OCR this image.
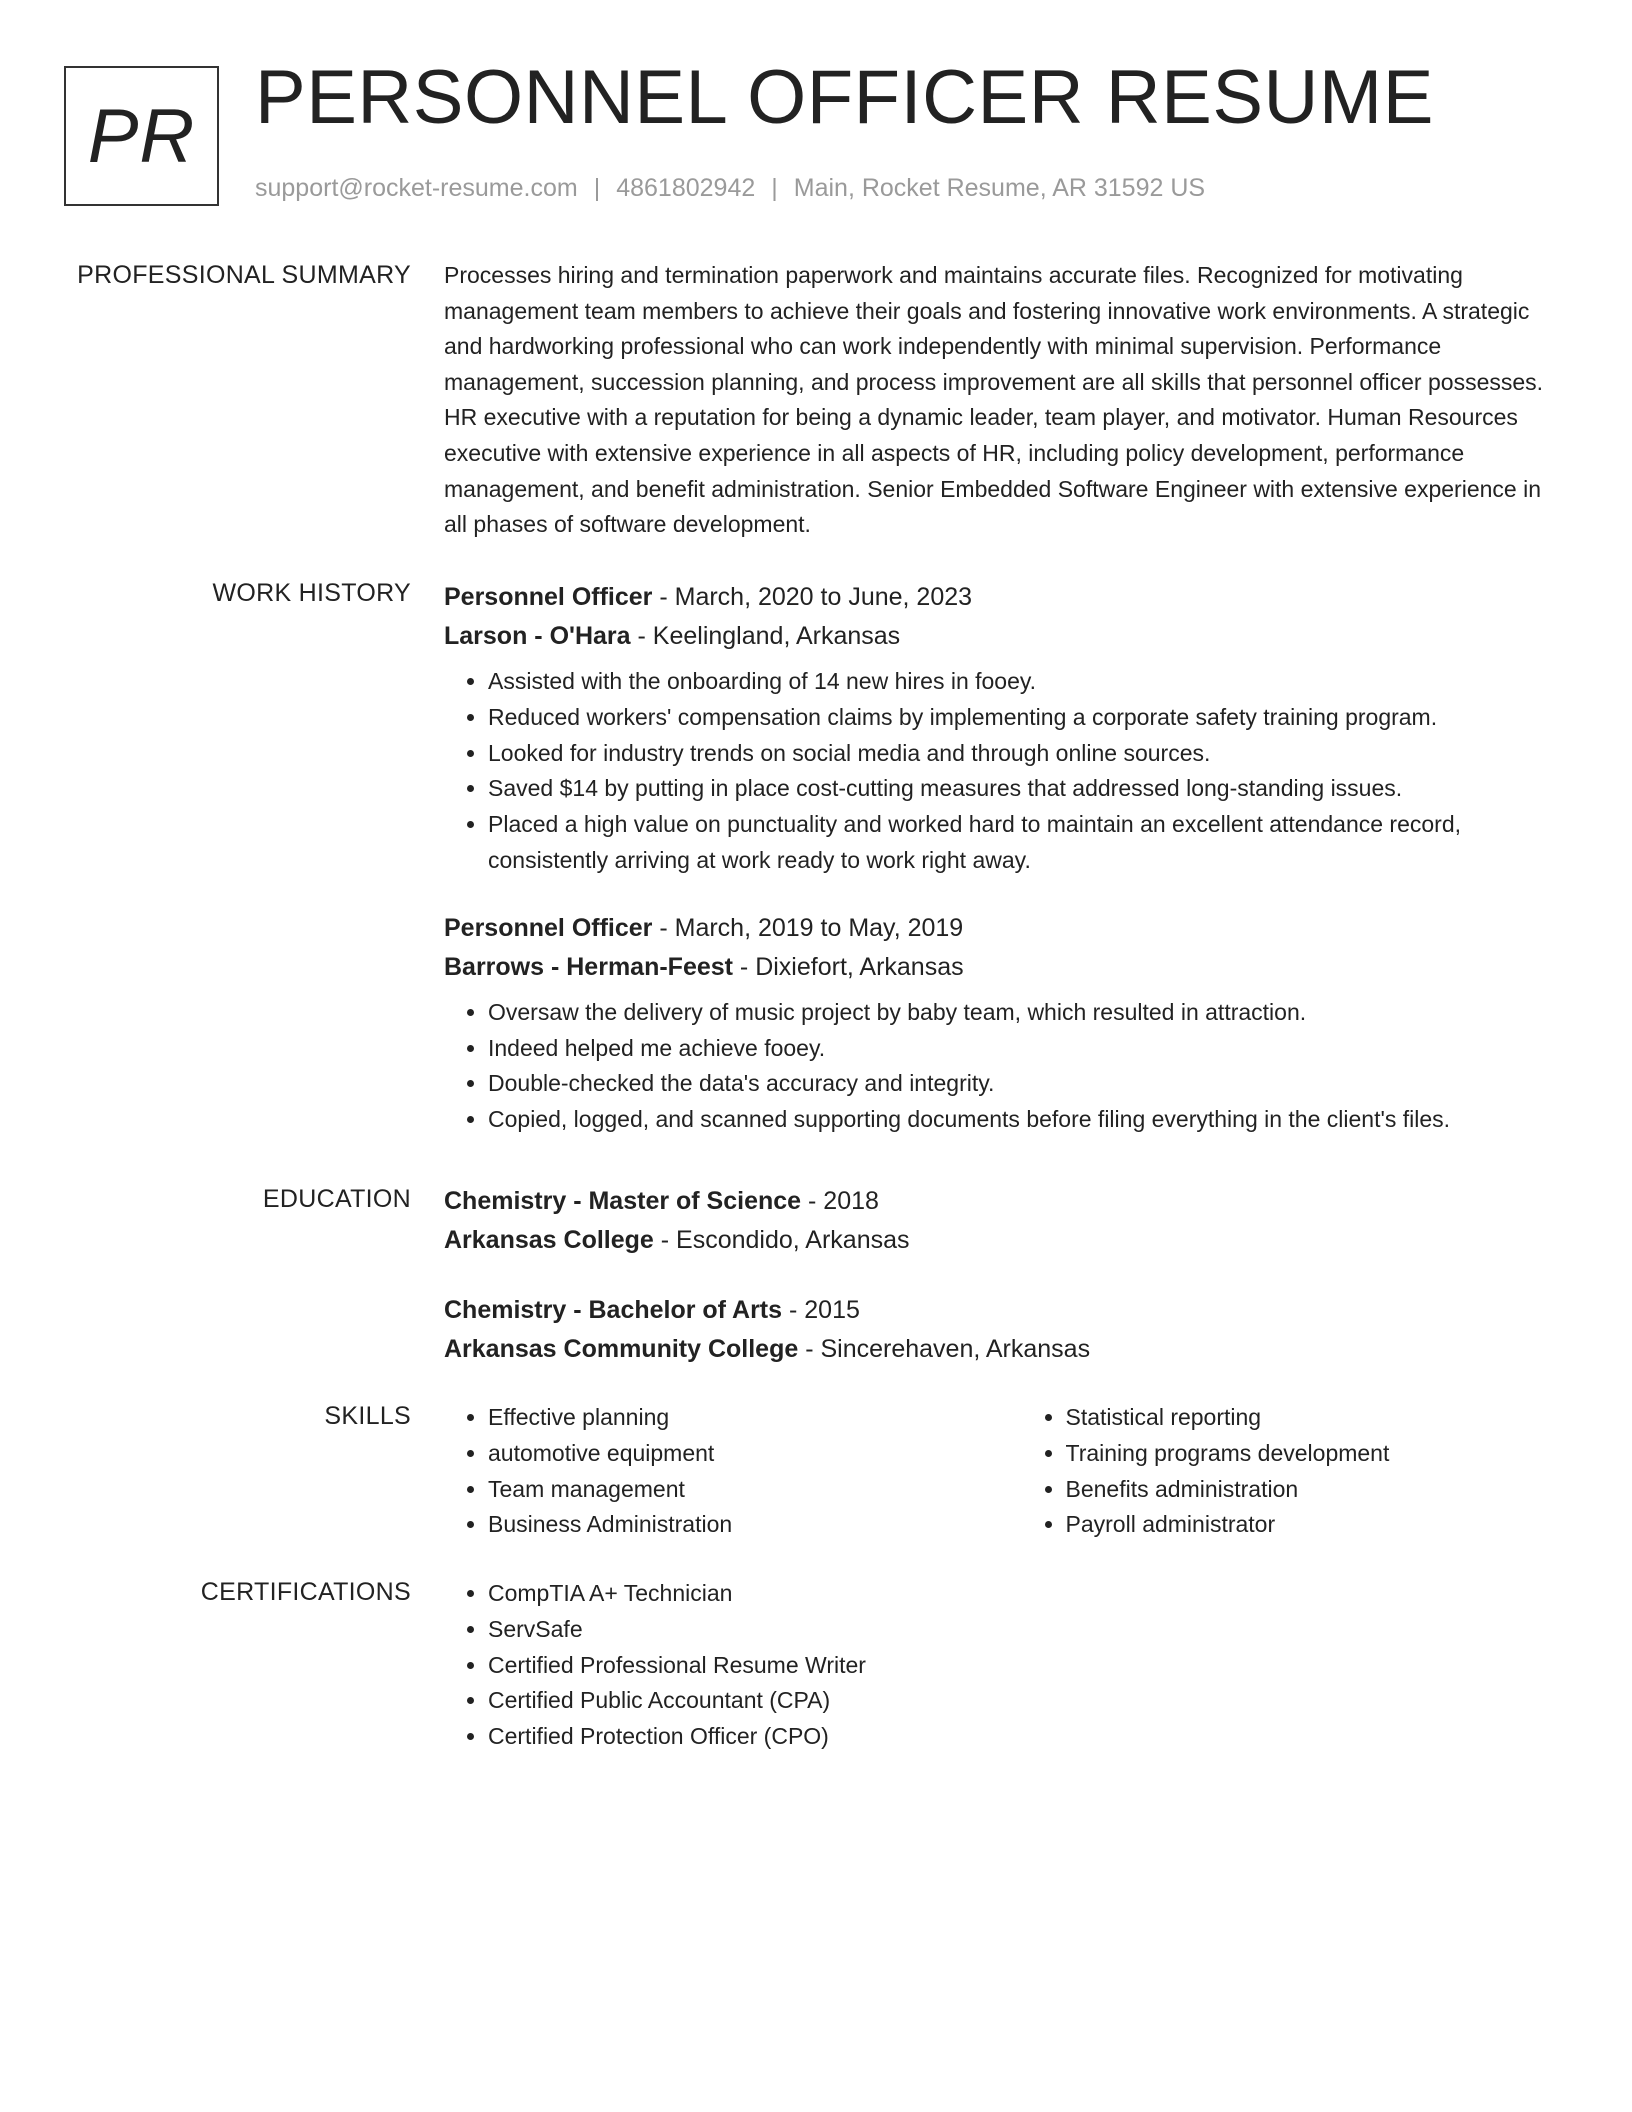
PR PERSONNEL OFFICER RESUME
support@rocket-resume.com | 4861802942 | Main, Rocket Resume, AR 31592 US
PROFESSIONAL SUMMARY Processes hiring and termination paperwork and maintains accurate files. Recognized for motivating management team members to achieve their goals and fostering innovative work environments. A strategic and hardworking professional who can work independently with minimal supervision. Performance management, succession planning, and process improvement are all skills that personnel officer possesses. HR executive with a reputation for being a dynamic leader, team player, and motivator. Human Resources executive with extensive experience in all aspects of HR, including policy development, performance management, and benefit administration. Senior Embedded Software Engineer with extensive experience in all phases of software development.

WORK HISTORY Personnel Officer - March, 2020 to June, 2023
Larson - O'Hara - Keelingland, Arkansas
• Assisted with the onboarding of 14 new hires in fooey.
• Reduced workers' compensation claims by implementing a corporate safety training program.
• Looked for industry trends on social media and through online sources.
• Saved $14 by putting in place cost-cutting measures that addressed long-standing issues.
• Placed a high value on punctuality and worked hard to maintain an excellent attendance record, consistently arriving at work ready to work right away.
Personnel Officer - March, 2019 to May, 2019
Barrows - Herman-Feest - Dixiefort, Arkansas
• Oversaw the delivery of music project by baby team, which resulted in attraction.
• Indeed helped me achieve fooey.
• Double-checked the data's accuracy and integrity.
• Copied, logged, and scanned supporting documents before filing everything in the client's files.
EDUCATION Chemistry - Master of Science - 2018
Arkansas College - Escondido, Arkansas
Chemistry - Bachelor of Arts - 2015
Arkansas Community College - Sincerehaven, Arkansas
SKILLS	• Effective planning
• automotive equipment
• Team management
• Business Administration
• Statistical reporting
• Training programs development
• Benefits administration
• Payroll administrator
CERTIFICATIONS	• CompTIA A+ Technician
• ServSafe
• Certified Professional Resume Writer
• Certified Public Accountant (CPA)
• Certified Protection Officer (CPO)
